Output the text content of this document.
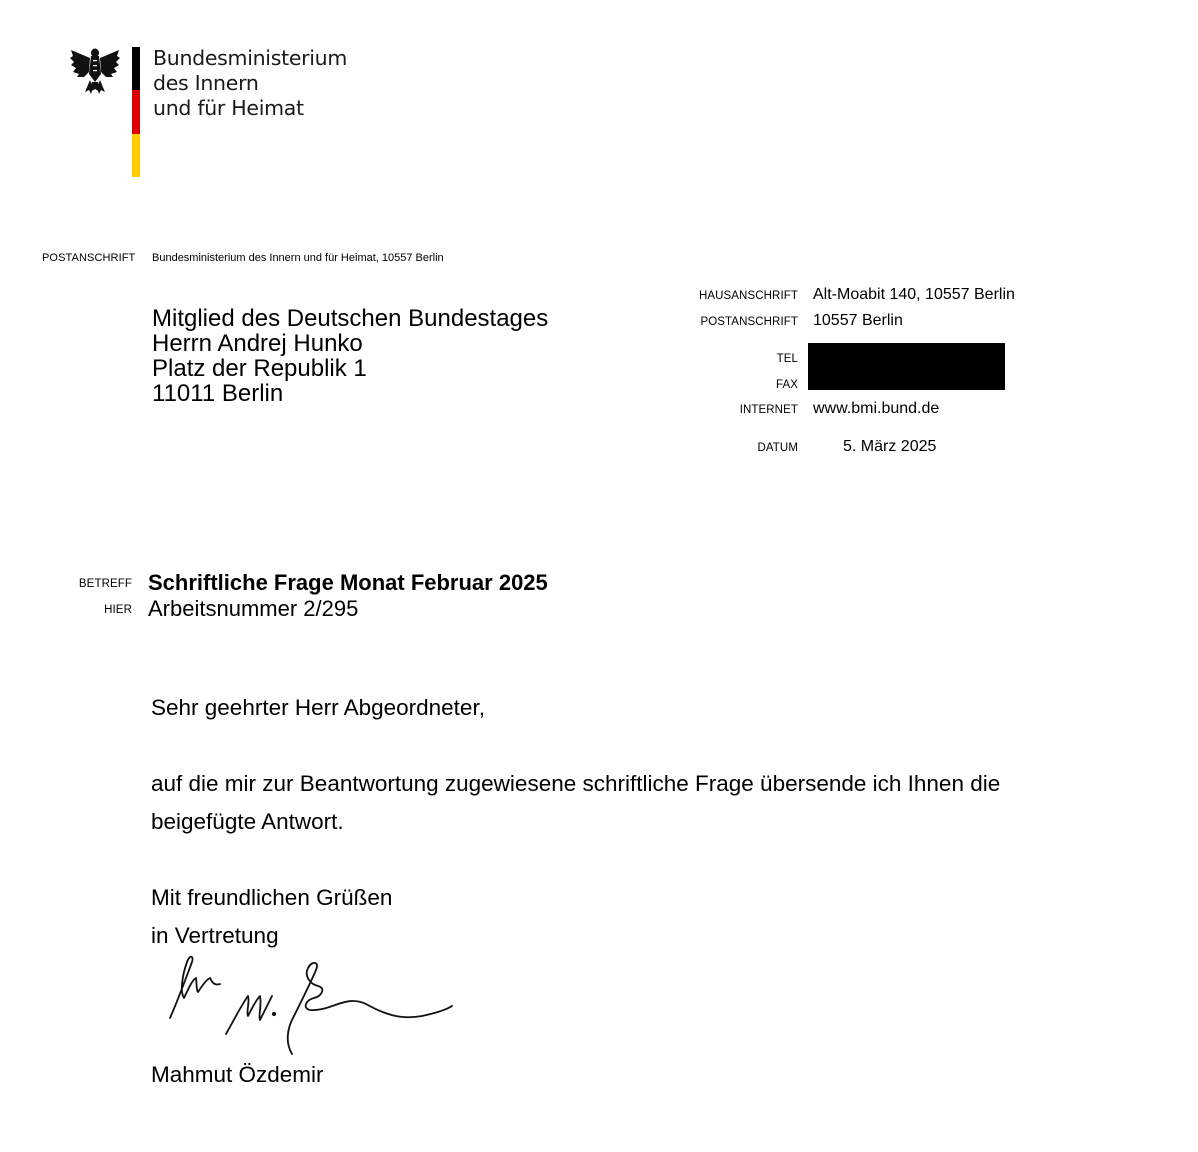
Bundesministerium
des Innern
und für Heimat
POSTANSCHRIFT Bundesministerium des Innern und für Heimat, 10557 Berlin
Mitglied des Deutschen Bundestages
Herrn Andrej Hunko
Platz der Republik 1
11011 Berlin
HAUSANSCHRIFT Alt-Moabit 140, 10557 Berlin
POSTANSCHRIFT 10557 Berlin
TEL
FAX
INTERNET www.bmi.bund.de
DATUM	5. März 2025
BETREFF Schriftliche Frage Monat Februar 2025
HIER Arbeitsnummer 2/295
Sehr geehrter Herr Abgeordneter,
auf die mir zur Beantwortung zugewiesene schriftliche Frage übersende ich Ihnen die
beigefügte Antwort.
Mit freundlichen Grüßen
in Vertretung
Mahmut Özdemir
